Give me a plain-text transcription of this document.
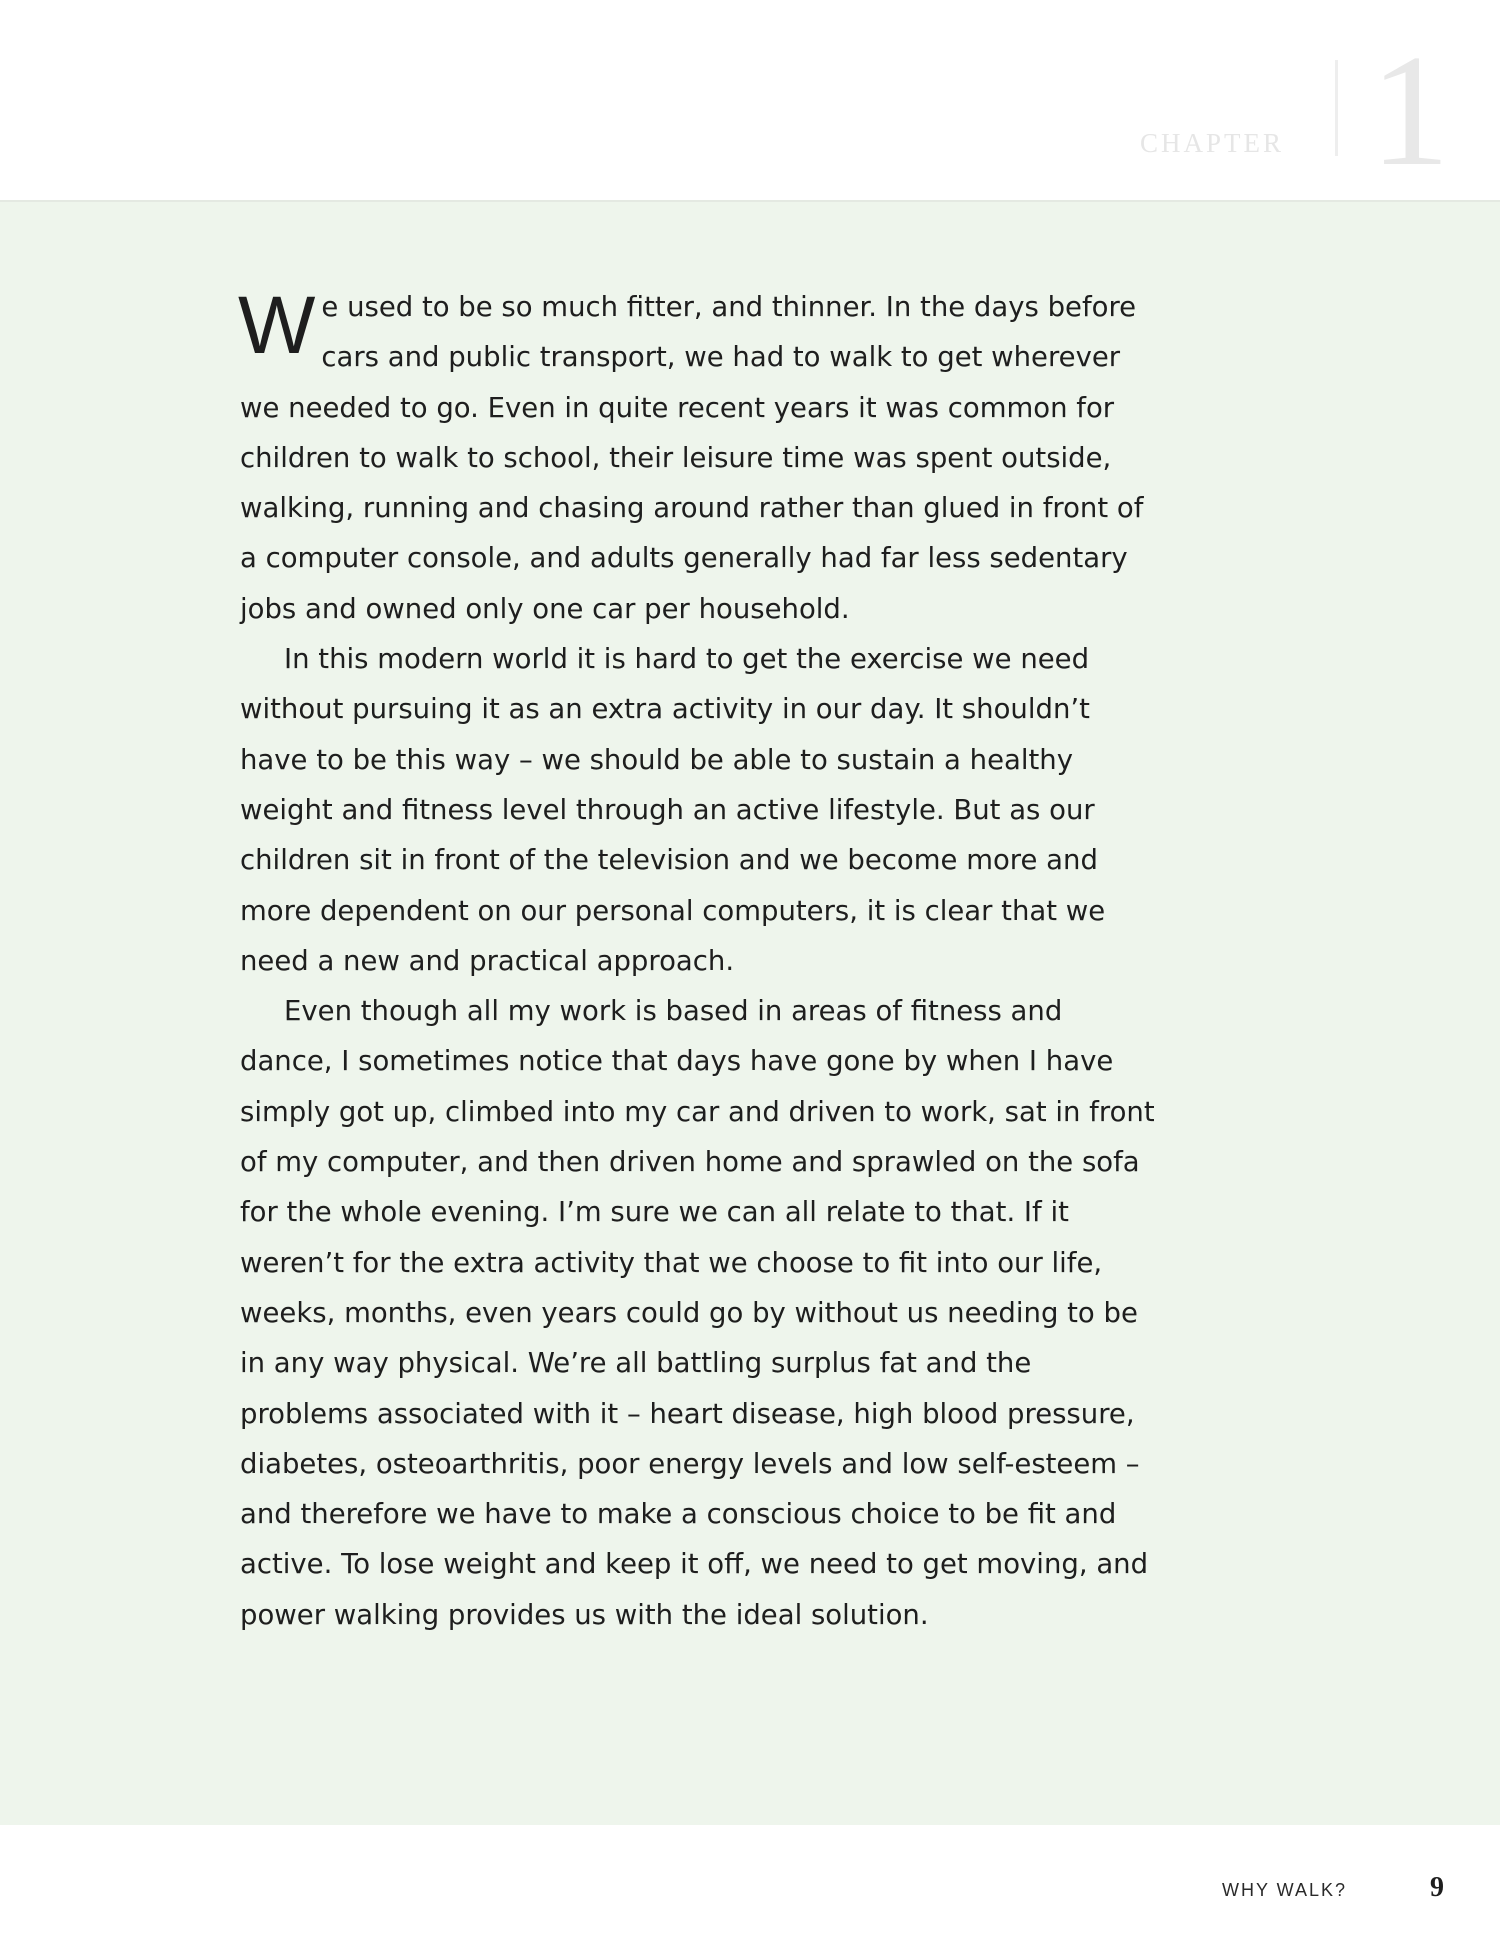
CHAPTER 1

We used to be so much fitter, and thinner. In the days before cars and public transport, we had to walk to get wherever we needed to go. Even in quite recent years it was common for children to walk to school, their leisure time was spent outside, walking, running and chasing around rather than glued in front of a computer console, and adults generally had far less sedentary jobs and owned only one car per household.

In this modern world it is hard to get the exercise we need without pursuing it as an extra activity in our day. It shouldn’t have to be this way – we should be able to sustain a healthy weight and fitness level through an active lifestyle. But as our children sit in front of the television and we become more and more dependent on our personal computers, it is clear that we need a new and practical approach.

Even though all my work is based in areas of fitness and dance, I sometimes notice that days have gone by when I have simply got up, climbed into my car and driven to work, sat in front of my computer, and then driven home and sprawled on the sofa for the whole evening. I’m sure we can all relate to that. If it weren’t for the extra activity that we choose to fit into our life, weeks, months, even years could go by without us needing to be in any way physical. We’re all battling surplus fat and the problems associated with it – heart disease, high blood pressure, diabetes, osteoarthritis, poor energy levels and low self-esteem – and therefore we have to make a conscious choice to be fit and active. To lose weight and keep it off, we need to get moving, and power walking provides us with the ideal solution.

WHY WALK?	9
